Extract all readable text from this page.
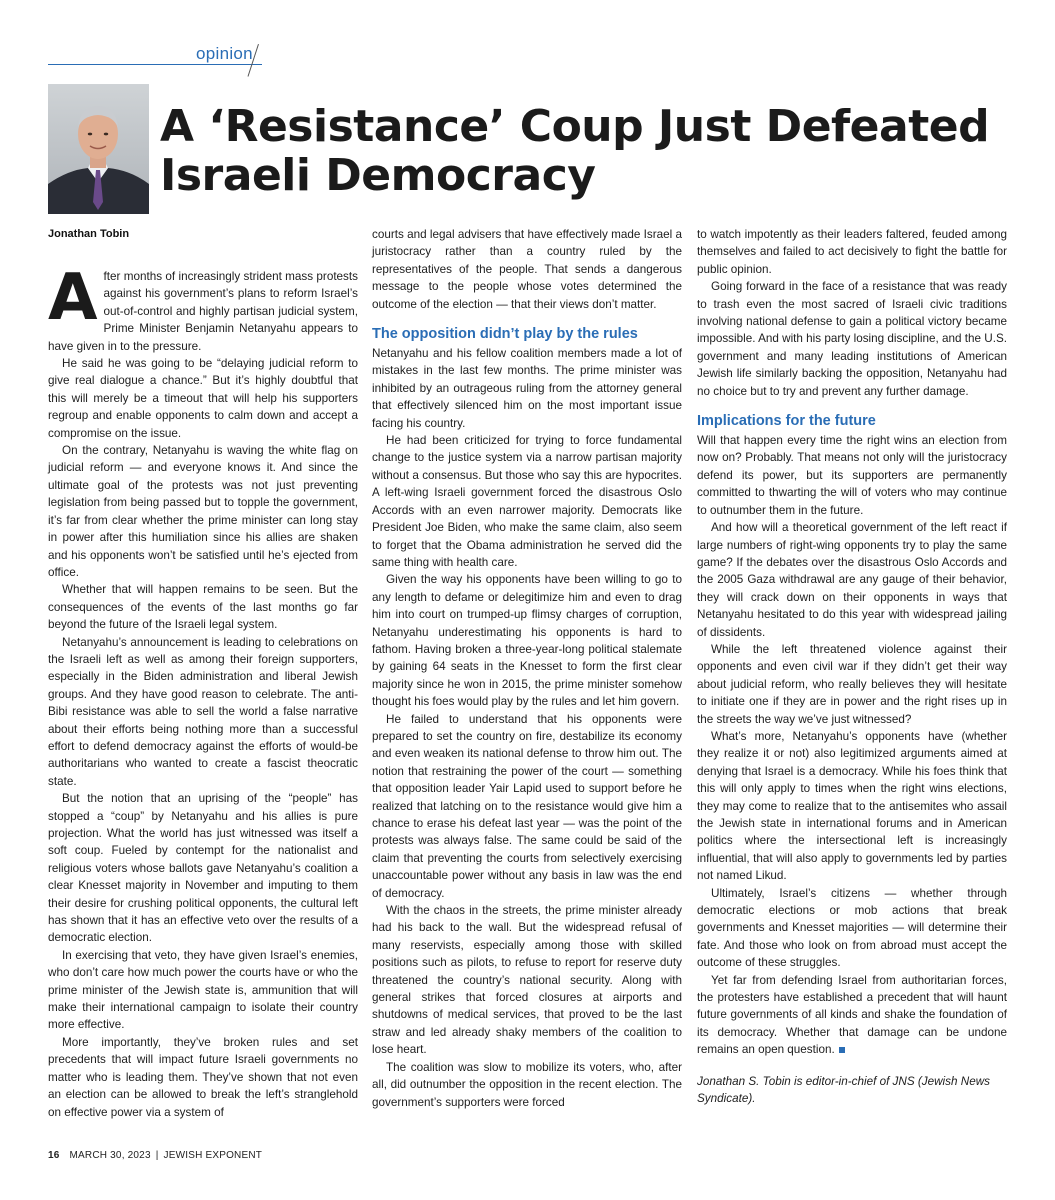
opinion
A ‘Resistance’ Coup Just Defeated Israeli Democracy
Jonathan Tobin

After months of increasingly strident mass protests against his government’s plans to reform Israel’s out-of-control and highly partisan judicial system, Prime Minister Benjamin Netanyahu appears to have given in to the pressure.

He said he was going to be “delaying judicial reform to give real dialogue a chance.” But it’s highly doubtful that this will merely be a timeout that will help his supporters regroup and enable opponents to calm down and accept a compromise on the issue.

On the contrary, Netanyahu is waving the white flag on judicial reform — and everyone knows it. And since the ultimate goal of the protests was not just preventing legislation from being passed but to topple the government, it’s far from clear whether the prime minister can long stay in power after this humiliation since his allies are shaken and his opponents won’t be satisfied until he’s ejected from office.

Whether that will happen remains to be seen. But the consequences of the events of the last months go far beyond the future of the Israeli legal system.

Netanyahu’s announcement is leading to celebrations on the Israeli left as well as among their foreign supporters, especially in the Biden administration and liberal Jewish groups. And they have good reason to celebrate. The anti-Bibi resistance was able to sell the world a false narrative about their efforts being nothing more than a successful effort to defend democracy against the efforts of would-be authoritarians who wanted to create a fascist theocratic state.

But the notion that an uprising of the “people” has stopped a “coup” by Netanyahu and his allies is pure projection. What the world has just witnessed was itself a soft coup. Fueled by contempt for the nationalist and religious voters whose ballots gave Netanyahu’s coalition a clear Knesset majority in November and imputing to them their desire for crushing political opponents, the cultural left has shown that it has an effective veto over the results of a democratic election.

In exercising that veto, they have given Israel’s enemies, who don’t care how much power the courts have or who the prime minister of the Jewish state is, ammunition that will make their international campaign to isolate their country more effective.

More importantly, they’ve broken rules and set precedents that will impact future Israeli governments no matter who is leading them. They’ve shown that not even an election can be allowed to break the left’s stranglehold on effective power via a system of

courts and legal advisers that have effectively made Israel a juristocracy rather than a country ruled by the representatives of the people. That sends a dangerous message to the people whose votes determined the outcome of the election — that their views don’t matter.

The opposition didn’t play by the rules

Netanyahu and his fellow coalition members made a lot of mistakes in the last few months. The prime minister was inhibited by an outrageous ruling from the attorney general that effectively silenced him on the most important issue facing his country.

He had been criticized for trying to force fundamental change to the justice system via a narrow partisan majority without a consensus. But those who say this are hypocrites. A left-wing Israeli government forced the disastrous Oslo Accords with an even narrower majority. Democrats like President Joe Biden, who make the same claim, also seem to forget that the Obama administration he served did the same thing with health care.

Given the way his opponents have been willing to go to any length to defame or delegitimize him and even to drag him into court on trumped-up flimsy charges of corruption, Netanyahu underestimating his opponents is hard to fathom. Having broken a three-year-long political stalemate by gaining 64 seats in the Knesset to form the first clear majority since he won in 2015, the prime minister somehow thought his foes would play by the rules and let him govern.

He failed to understand that his opponents were prepared to set the country on fire, destabilize its economy and even weaken its national defense to throw him out. The notion that restraining the power of the court — something that opposition leader Yair Lapid used to support before he realized that latching on to the resistance would give him a chance to erase his defeat last year — was the point of the protests was always false. The same could be said of the claim that preventing the courts from selectively exercising unaccountable power without any basis in law was the end of democracy.

With the chaos in the streets, the prime minister already had his back to the wall. But the widespread refusal of many reservists, especially among those with skilled positions such as pilots, to refuse to report for reserve duty threatened the country’s national security. Along with general strikes that forced closures at airports and shutdowns of medical services, that proved to be the last straw and led already shaky members of the coalition to lose heart.

The coalition was slow to mobilize its voters, who, after all, did outnumber the opposition in the recent election. The government’s supporters were forced

to watch impotently as their leaders faltered, feuded among themselves and failed to act decisively to fight the battle for public opinion.

Going forward in the face of a resistance that was ready to trash even the most sacred of Israeli civic traditions involving national defense to gain a political victory became impossible. And with his party losing discipline, and the U.S. government and many leading institutions of American Jewish life similarly backing the opposition, Netanyahu had no choice but to try and prevent any further damage.

Implications for the future

Will that happen every time the right wins an election from now on? Probably. That means not only will the juristocracy defend its power, but its supporters are permanently committed to thwarting the will of voters who may continue to outnumber them in the future.

And how will a theoretical government of the left react if large numbers of right-wing opponents try to play the same game? If the debates over the disastrous Oslo Accords and the 2005 Gaza withdrawal are any gauge of their behavior, they will crack down on their opponents in ways that Netanyahu hesitated to do this year with widespread jailing of dissidents.

While the left threatened violence against their opponents and even civil war if they didn’t get their way about judicial reform, who really believes they will hesitate to initiate one if they are in power and the right rises up in the streets the way we’ve just witnessed?

What’s more, Netanyahu’s opponents have (whether they realize it or not) also legitimized arguments aimed at denying that Israel is a democracy. While his foes think that this will only apply to times when the right wins elections, they may come to realize that to the antisemites who assail the Jewish state in international forums and in American politics where the intersectional left is increasingly influential, that will also apply to governments led by parties not named Likud.

Ultimately, Israel’s citizens — whether through democratic elections or mob actions that break governments and Knesset majorities — will determine their fate. And those who look on from abroad must accept the outcome of these struggles.

Yet far from defending Israel from authoritarian forces, the protesters have established a precedent that will haunt future governments of all kinds and shake the foundation of its democracy. Whether that damage can be undone remains an open question.

Jonathan S. Tobin is editor-in-chief of JNS (Jewish News Syndicate).

16 MARCH 30, 2023 | JEWISH EXPONENT
